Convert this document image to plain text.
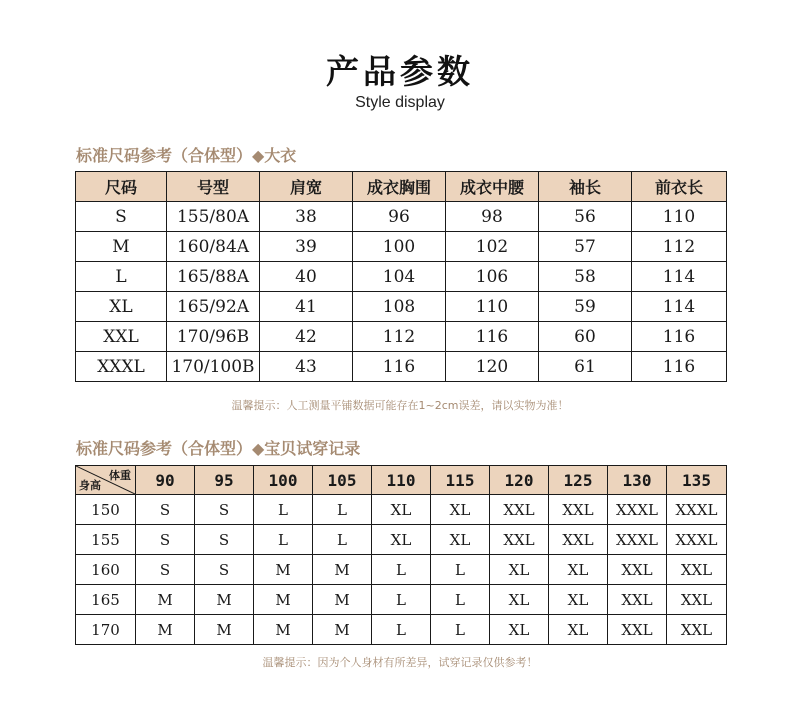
产品参数
Style display
标准尺码参考（合体型）◆大衣
尺码	号型	肩宽	成衣胸围	成衣中腰	袖长	前衣长
S	155/80A	38	96	98	56	110
M	160/84A	39	100	102	57	112
L	165/88A	40	104	106	58	114
XL	165/92A	41	108	110	59	114
XXL	170/96B	42	112	116	60	116
XXXL	170/100B	43	116	120	61	116
温馨提示：人工测量平铺数据可能存在1~2cm误差，请以实物为准！
标准尺码参考（合体型）◆宝贝试穿记录
体重
身高	90	95	100	105	110	115	120	125	130	135
150	S	S	L	L	XL	XL	XXL	XXL	XXXL	XXXL
155	S	S	L	L	XL	XL	XXL	XXL	XXXL	XXXL
160	S	S	M	M	L	L	XL	XL	XXL	XXL
165	M	M	M	M	L	L	XL	XL	XXL	XXL
170	M	M	M	M	L	L	XL	XL	XXL	XXL
温馨提示：因为个人身材有所差异，试穿记录仅供参考！
